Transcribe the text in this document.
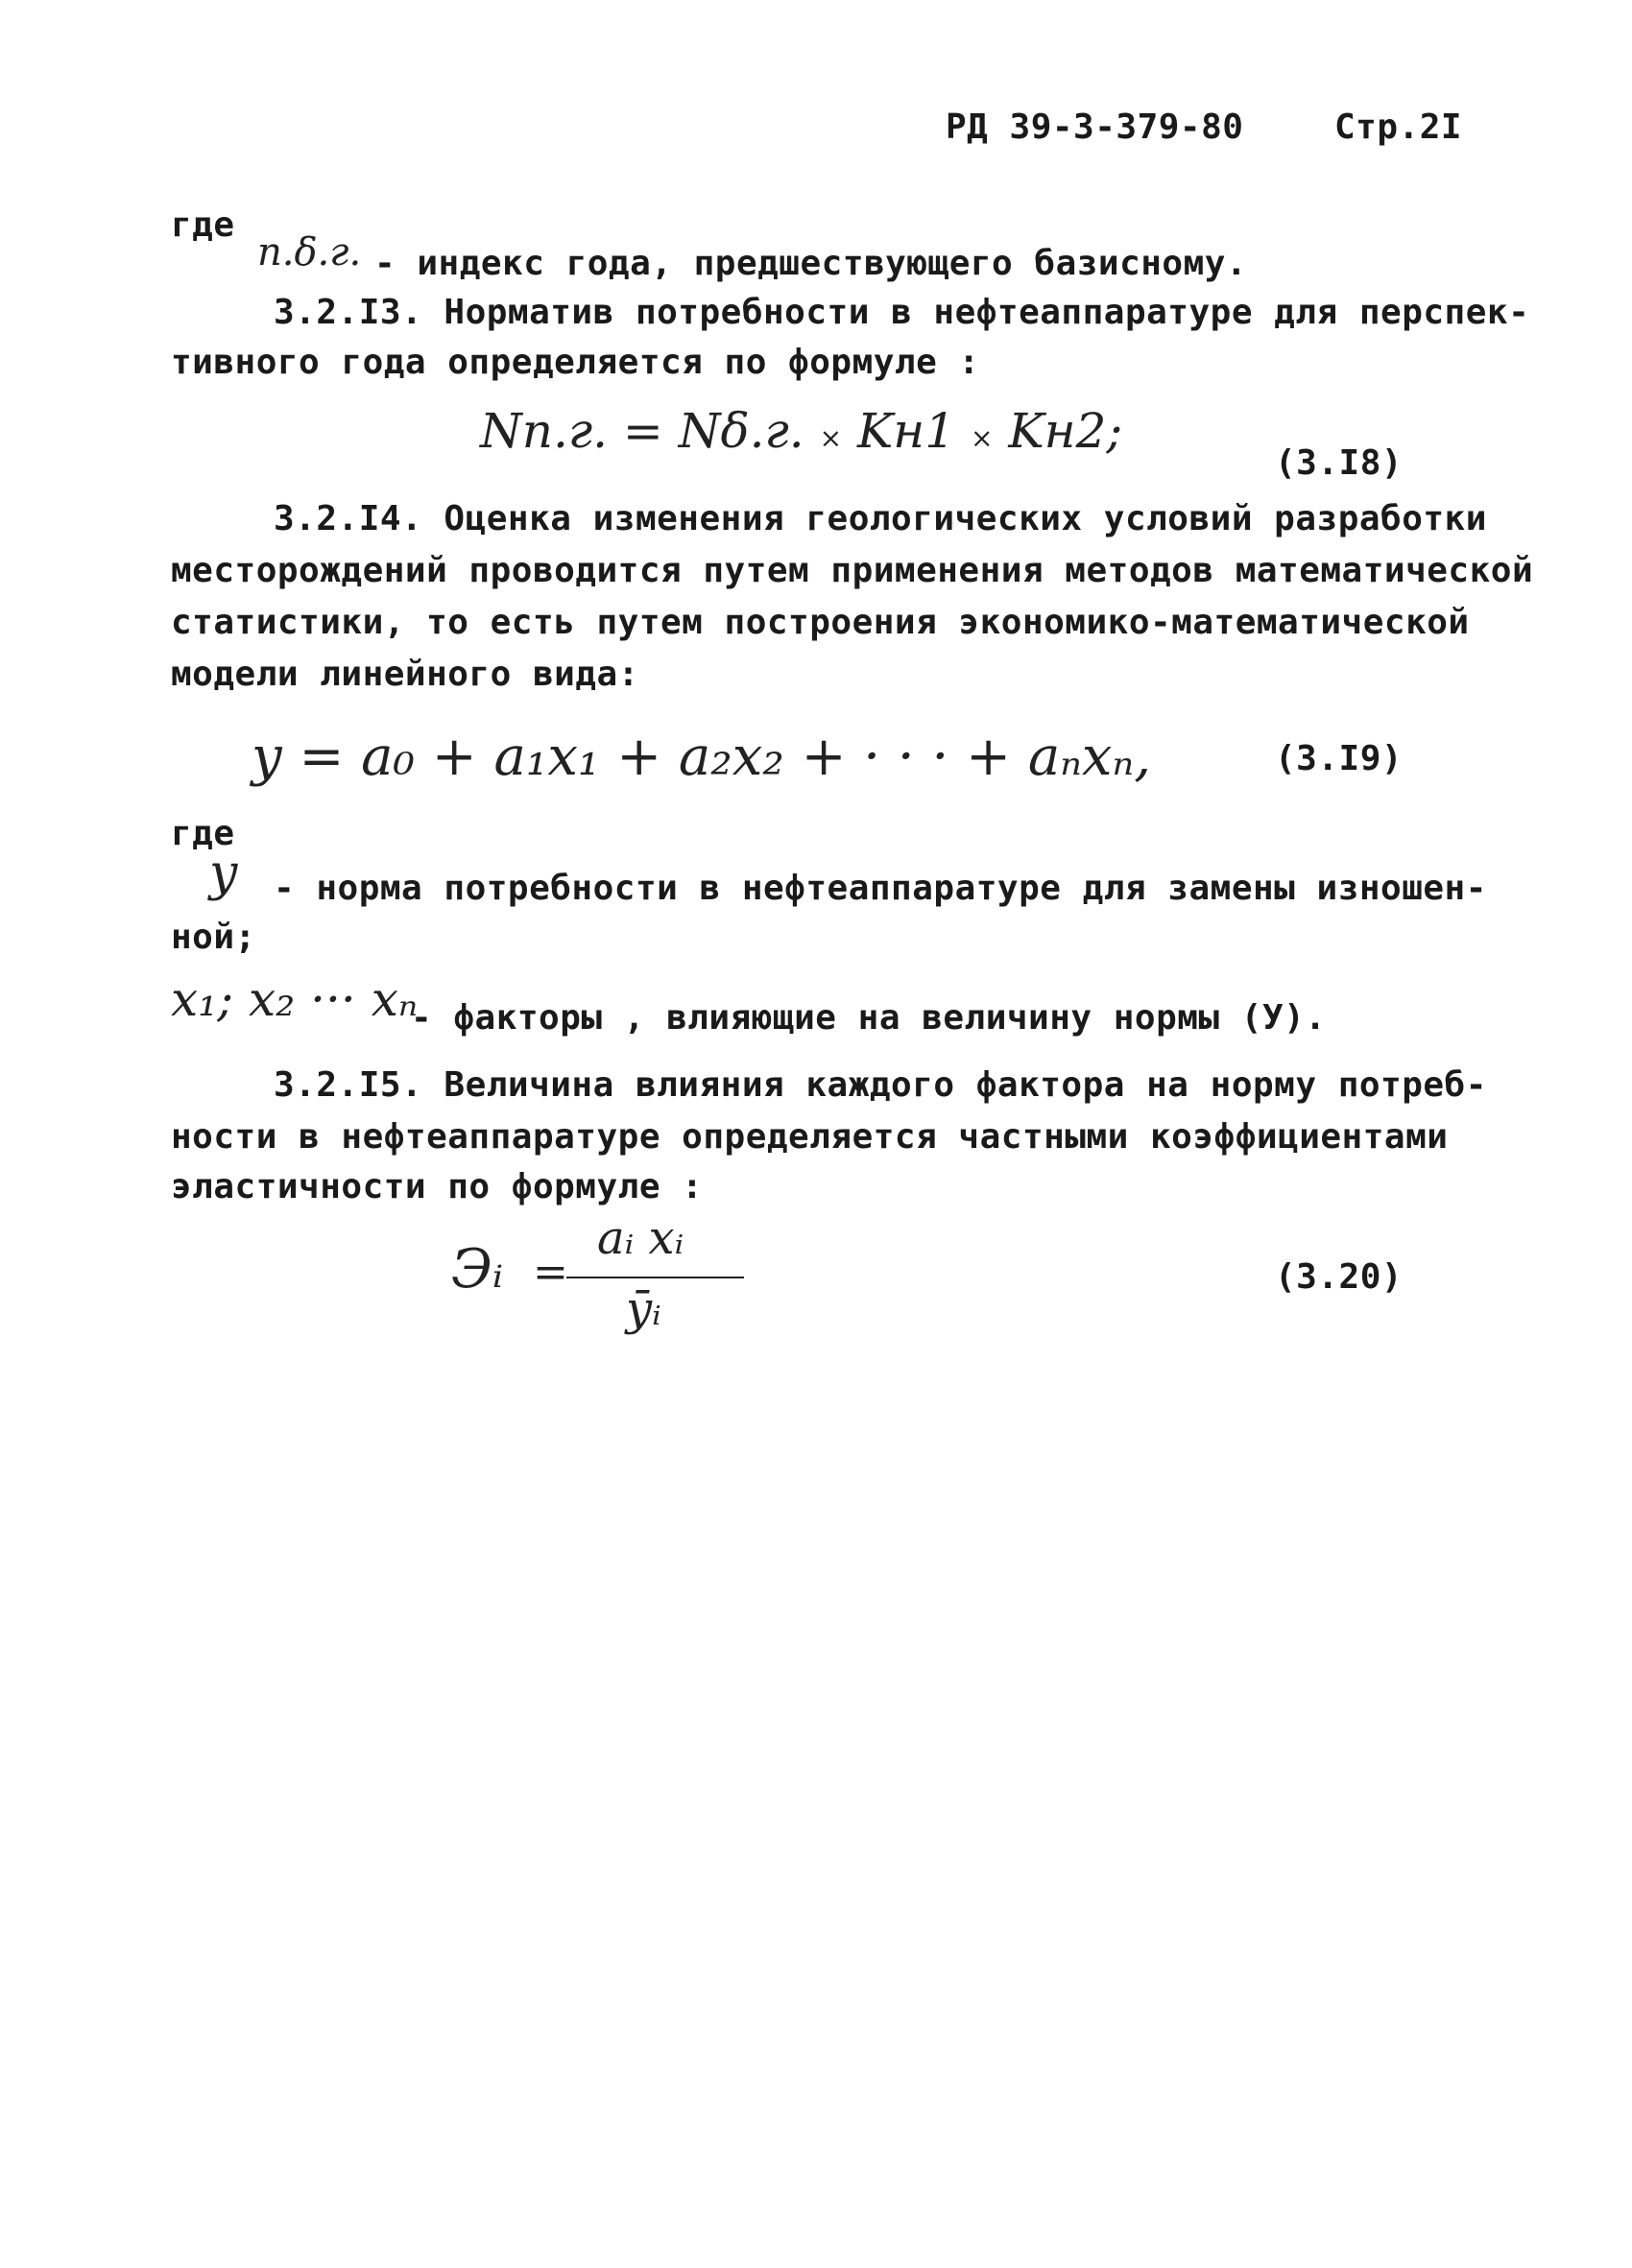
РД 39-3-379-80	Стр.2I
где
n.δ.г. - индекс года, предшествующего базисному.
3.2.I3. Норматив потребности в нефтеаппаратуре для перспек-
тивного года определяется по формуле :
Nп.г. = Nδ.г. × Kн1 × Kн2;
(3.I8)
3.2.I4. Оценка изменения геологических условий разработки
месторождений проводится путем применения методов математической
статистики, то есть путем построения экономико-математической
модели линейного вида:
y = a₀ + a₁x₁ + a₂x₂ + · · · + aₙxₙ,	(3.I9)
где
y - норма потребности в нефтеаппаратуре для замены изношен-
ной;
x₁; x₂ ··· xₙ
- факторы , влияющие на величину нормы (У).
3.2.I5. Величина влияния каждого фактора на норму потреб-
ности в нефтеаппаратуре определяется частными коэффициентами
эластичности по формуле :
Эᵢ =
aᵢ xᵢ
ȳᵢ
(3.20)
